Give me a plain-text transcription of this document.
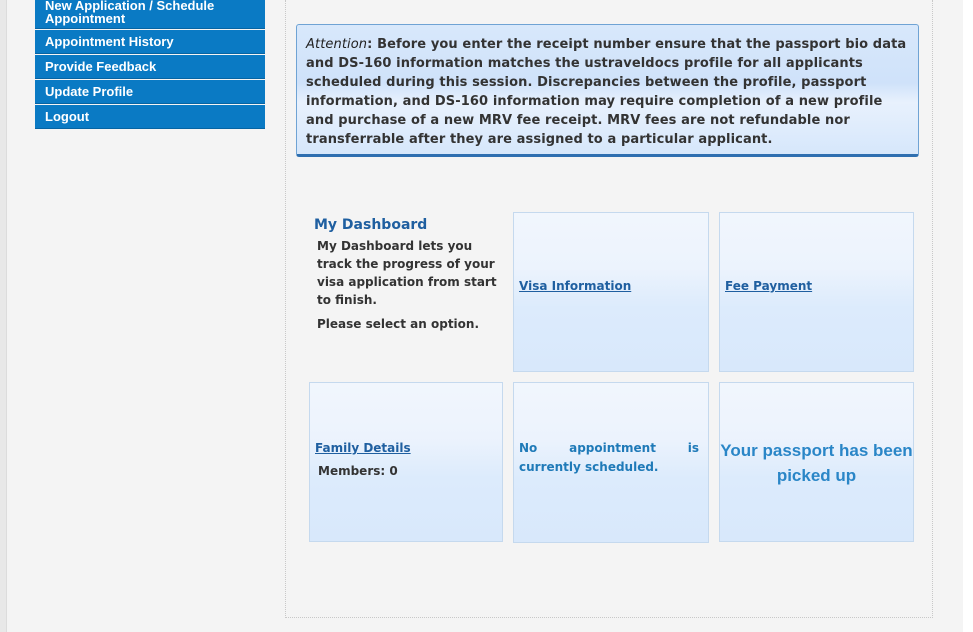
New Application / Schedule Appointment
Appointment History
Provide Feedback
Update Profile
Logout
Attention: Before you enter the receipt number ensure that the passport bio data and DS-160 information matches the ustraveldocs profile for all applicants scheduled during this session. Discrepancies between the profile, passport information, and DS-160 information may require completion of a new profile and purchase of a new MRV fee receipt. MRV fees are not refundable nor transferrable after they are assigned to a particular applicant.
My Dashboard
My Dashboard lets you track the progress of your visa application from start to finish.
Please select an option.
Visa Information	Fee Payment
Family Details
Members: 0
No appointment is currently scheduled.
Your passport has been picked up
